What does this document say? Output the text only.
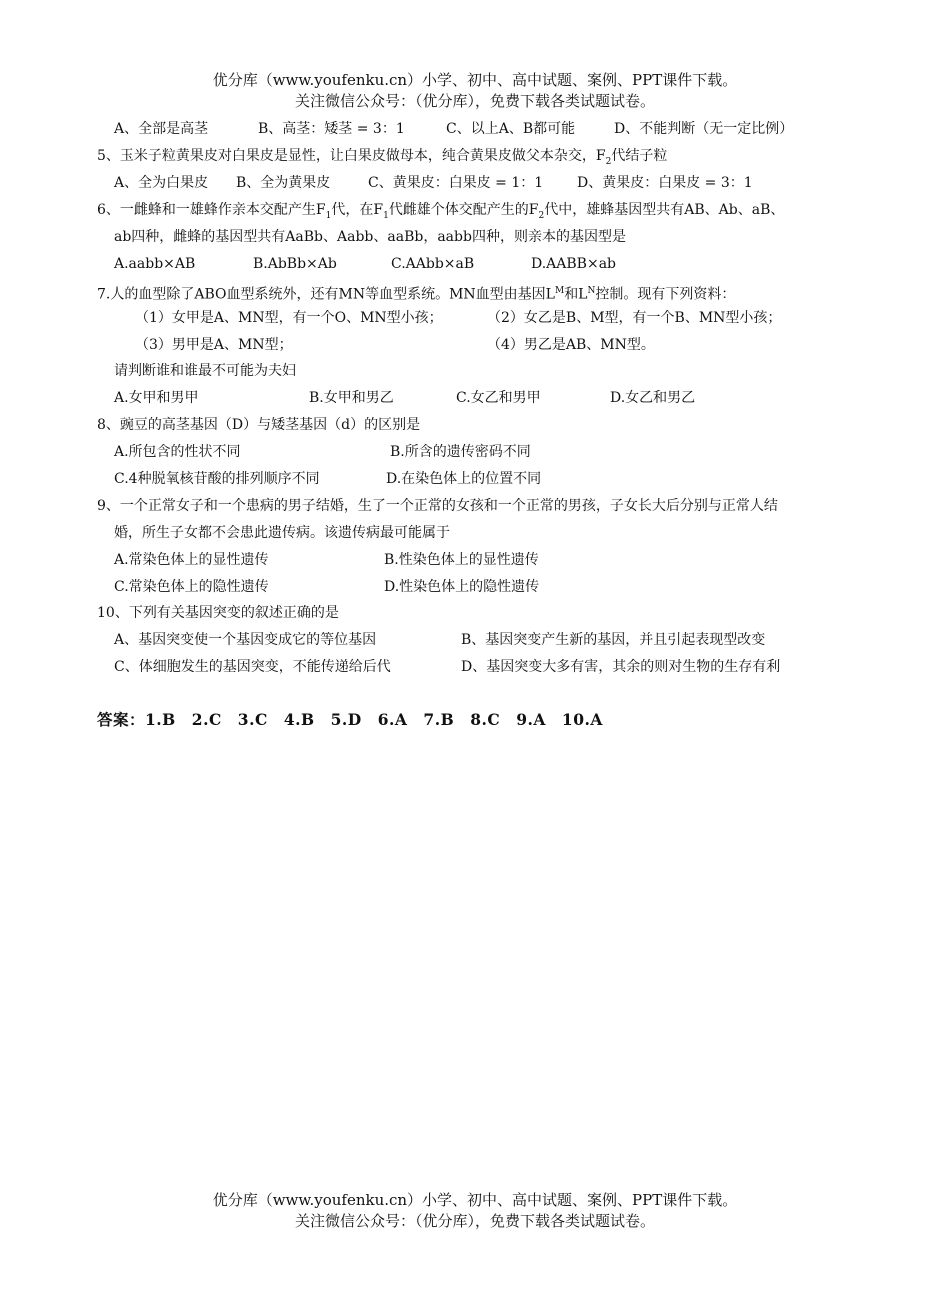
优分库（www.youfenku.cn）小学、初中、高中试题、案例、PPT课件下载。
关注微信公众号：（优分库），免费下载各类试题试卷。
A、全部是高茎	B、高茎：矮茎 = 3：1	C、以上A、B都可能	D、不能判断（无一定比例）
5、玉米子粒黄果皮对白果皮是显性，让白果皮做母本，纯合黄果皮做父本杂交，$F_2$代结子粒
A、全为白果皮 B、全为黄果皮	C、黄果皮：白果皮 = 1：1 D、黄果皮：白果皮 = 3：1
6、一雌蜂和一雄蜂作亲本交配产生$F_1$代，在$F_1$代雌雄个体交配产生的$F_2$代中，雄蜂基因型共有AB、Ab、aB、
ab四种，雌蜂的基因型共有AaBb、Aabb、aaBb，aabb四种，则亲本的基因型是
A.aabb×AB	B.AbBb×Ab	C.AAbb×aB	D.AABB×ab
7.人的血型除了ABO血型系统外，还有MN等血型系统。MN血型由基因$L^M$和$L^N$控制。现有下列资料：
（1）女甲是A、MN型，有一个O、MN型小孩；	（2）女乙是B、M型，有一个B、MN型小孩；
（3）男甲是A、MN型；	（4）男乙是AB、MN型。
请判断谁和谁最不可能为夫妇
A.女甲和男甲	B.女甲和男乙	C.女乙和男甲	D.女乙和男乙
8、豌豆的高茎基因（D）与矮茎基因（d）的区别是
A.所包含的性状不同	B.所含的遗传密码不同
C.4种脱氧核苷酸的排列顺序不同	D.在染色体上的位置不同
9、一个正常女子和一个患病的男子结婚，生了一个正常的女孩和一个正常的男孩，子女长大后分别与正常人结
婚，所生子女都不会患此遗传病。该遗传病最可能属于
A.常染色体上的显性遗传	B.性染色体上的显性遗传
C.常染色体上的隐性遗传	D.性染色体上的隐性遗传
10、下列有关基因突变的叙述正确的是
A、基因突变使一个基因变成它的等位基因	B、基因突变产生新的基因，并且引起表现型改变
C、体细胞发生的基因突变，不能传递给后代	D、基因突变大多有害，其余的则对生物的生存有利
答案：1.B　2.C　3.C　4.B　5.D　6.A　7.B　8.C　9.A　10.A
优分库（www.youfenku.cn）小学、初中、高中试题、案例、PPT课件下载。
关注微信公众号：（优分库），免费下载各类试题试卷。
